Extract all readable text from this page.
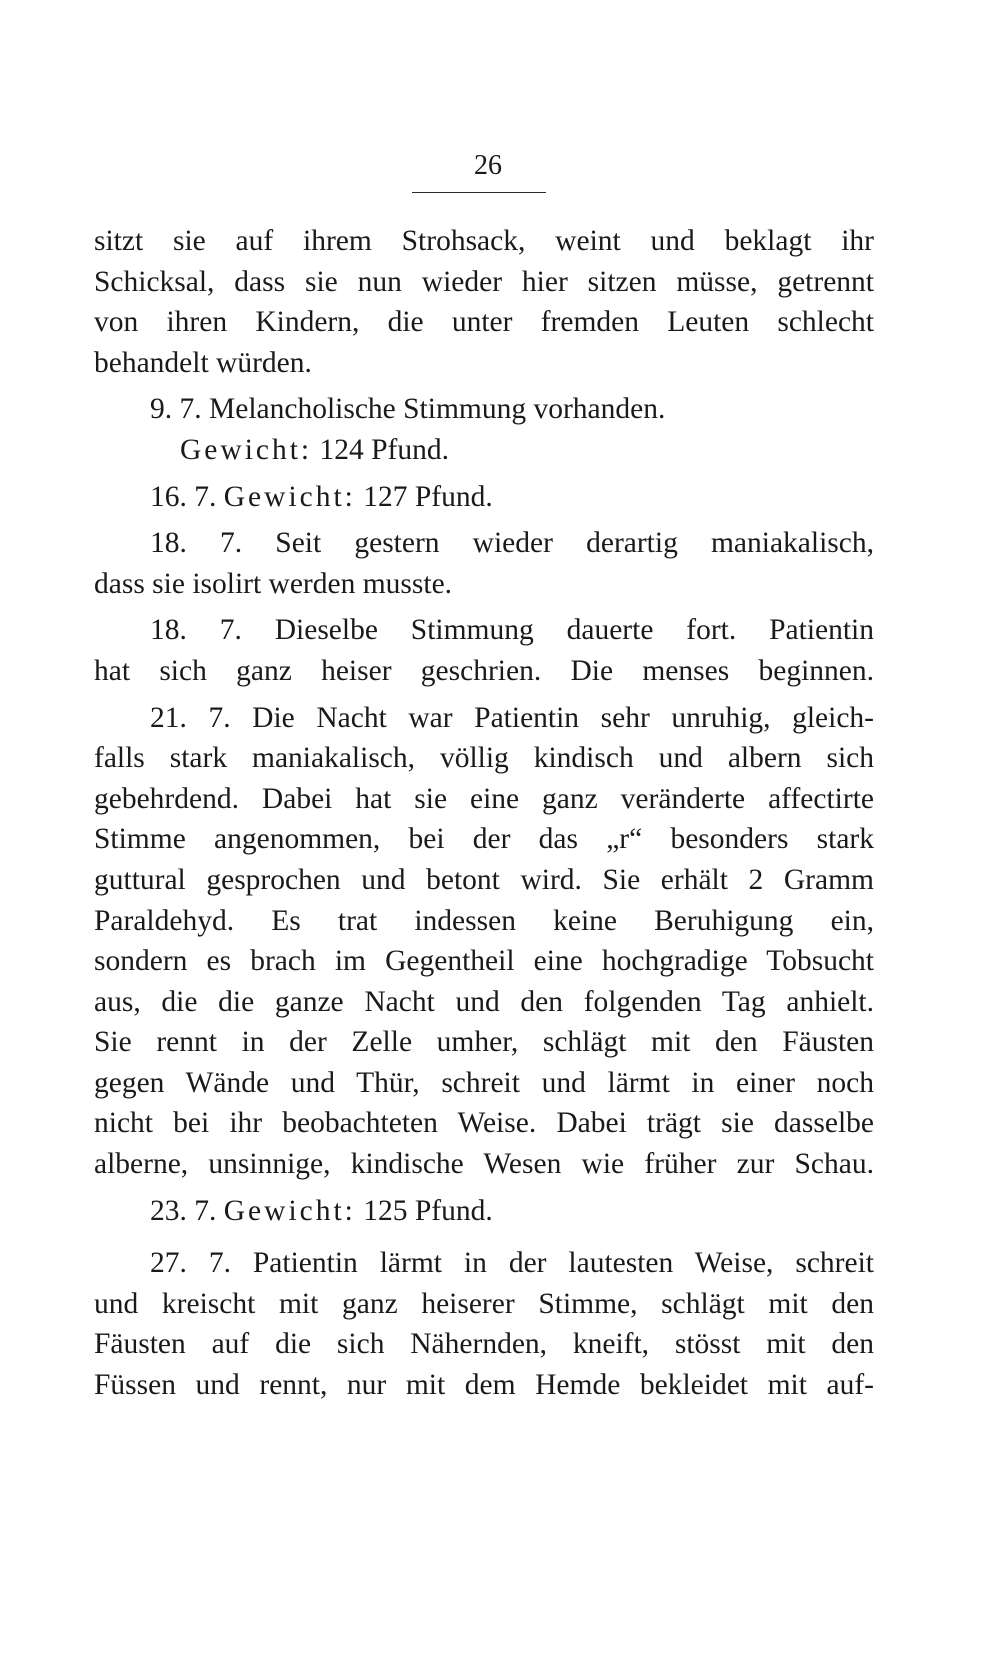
26
sitzt sie auf ihrem Strohsack, weint und beklagt ihr
Schicksal, dass sie nun wieder hier sitzen müsse, getrennt
von ihren Kindern, die unter fremden Leuten schlecht
behandelt würden.
9. 7. Melancholische Stimmung vorhanden.
Gewicht: 124 Pfund.
16. 7. Gewicht: 127 Pfund.
18. 7. Seit gestern wieder derartig maniakalisch,
dass sie isolirt werden musste.
18. 7. Dieselbe Stimmung dauerte fort. Patientin
hat sich ganz heiser geschrien. Die menses beginnen.
21. 7. Die Nacht war Patientin sehr unruhig, gleich-
falls stark maniakalisch, völlig kindisch und albern sich
gebehrdend. Dabei hat sie eine ganz veränderte affectirte
Stimme angenommen, bei der das „r“ besonders stark
guttural gesprochen und betont wird. Sie erhält 2 Gramm
Paraldehyd. Es trat indessen keine Beruhigung ein,
sondern es brach im Gegentheil eine hochgradige Tobsucht
aus, die die ganze Nacht und den folgenden Tag anhielt.
Sie rennt in der Zelle umher, schlägt mit den Fäusten
gegen Wände und Thür, schreit und lärmt in einer noch
nicht bei ihr beobachteten Weise. Dabei trägt sie dasselbe
alberne, unsinnige, kindische Wesen wie früher zur Schau.
23. 7. Gewicht: 125 Pfund.
27. 7. Patientin lärmt in der lautesten Weise, schreit
und kreischt mit ganz heiserer Stimme, schlägt mit den
Fäusten auf die sich Nähernden, kneift, stösst mit den
Füssen und rennt, nur mit dem Hemde bekleidet mit auf-
